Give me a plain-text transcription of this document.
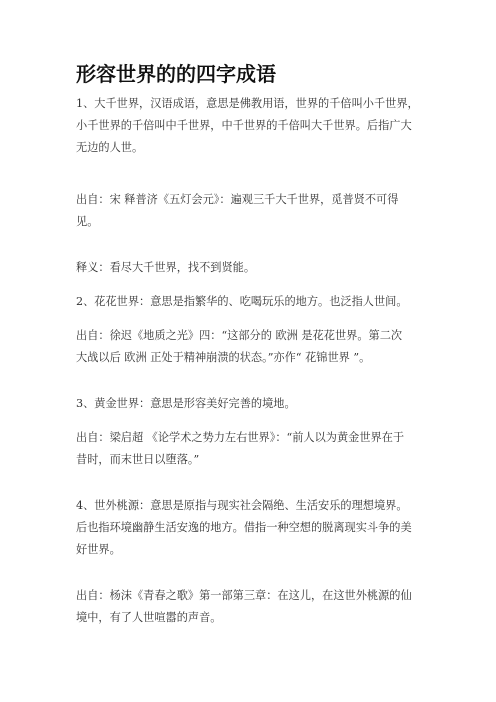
形容世界的的四字成语
1、大千世界，汉语成语，意思是佛教用语，世界的千倍叫小千世界，
小千世界的千倍叫中千世界，中千世界的千倍叫大千世界。后指广大
无边的人世。
出自：宋 释普济《五灯会元》：遍观三千大千世界，觅普贤不可得
见。
释义：看尽大千世界，找不到贤能。
2、花花世界：意思是指繁华的、吃喝玩乐的地方。也泛指人世间。
出自：徐迟《地质之光》四：“这部分的 欧洲 是花花世界。第二次
大战以后 欧洲 正处于精神崩溃的状态。”亦作“ 花锦世界 ”。
3、黄金世界：意思是形容美好完善的境地。
出自：梁启超 《论学术之势力左右世界》：“前人以为黄金世界在于
昔时，而末世日以堕落。”
4、世外桃源：意思是原指与现实社会隔绝、生活安乐的理想境界。
后也指环境幽静生活安逸的地方。借指一种空想的脱离现实斗争的美
好世界。
出自：杨沫《青春之歌》第一部第三章：在这儿，在这世外桃源的仙
境中，有了人世喧嚣的声音。
